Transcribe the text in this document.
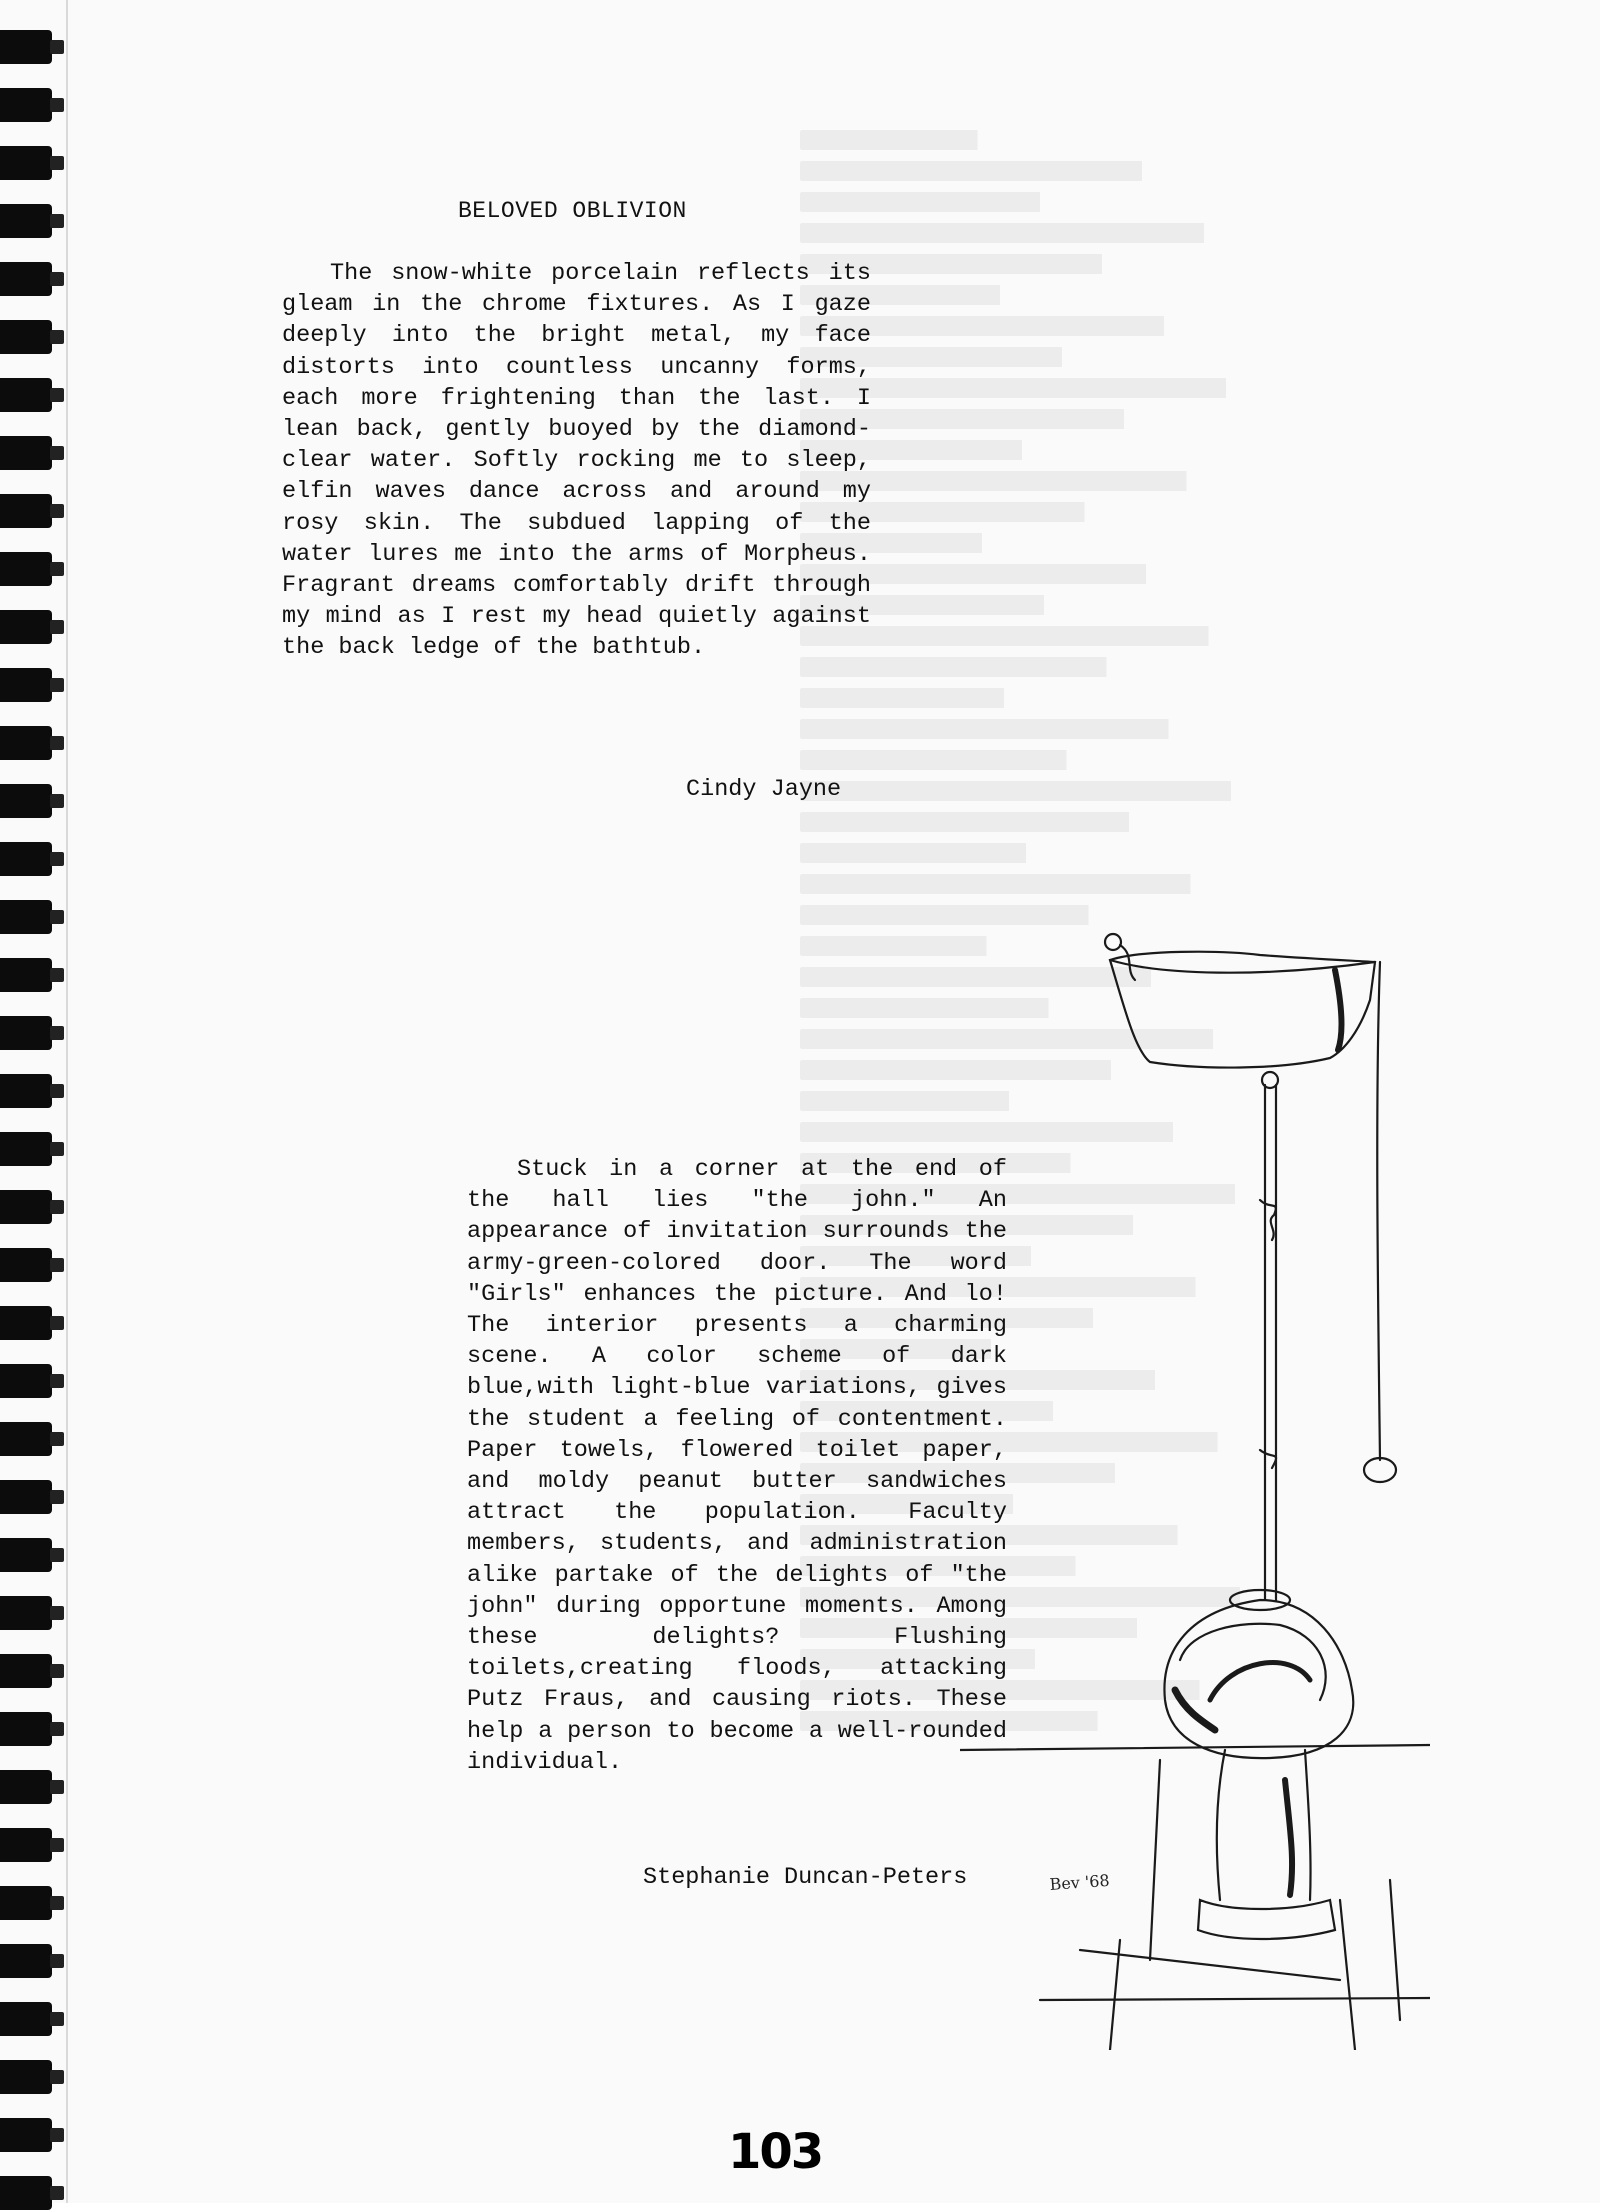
BELOVED OBLIVION
The snow-white porcelain reflects its gleam in the chrome fixtures. As I gaze deeply into the bright metal, my face distorts into countless uncanny forms, each more frightening than the last. I lean back, gently buoyed by the diamond-clear water. Softly rocking me to sleep, elfin waves dance across and around my rosy skin. The subdued lapping of the water lures me into the arms of Morpheus. Fragrant dreams comfortably drift through my mind as I rest my head quietly against the back ledge of the bathtub.
Cindy Jayne
Stuck in a corner at the end of the hall lies "the john." An appearance of invitation surrounds the army-green-colored door. The word "Girls" enhances the picture. And lo! The interior presents a charming scene. A color scheme of dark blue,with light-blue variations, gives the student a feeling of contentment. Paper towels, flowered toilet paper, and moldy peanut butter sandwiches attract the population. Faculty members, students, and administration alike partake of the delights of "the john" during opportune moments. Among these delights? Flushing toilets,creating floods, attacking Putz Fraus, and causing riots. These help a person to become a well-rounded individual.
Stephanie Duncan-Peters	Bev '68
103
